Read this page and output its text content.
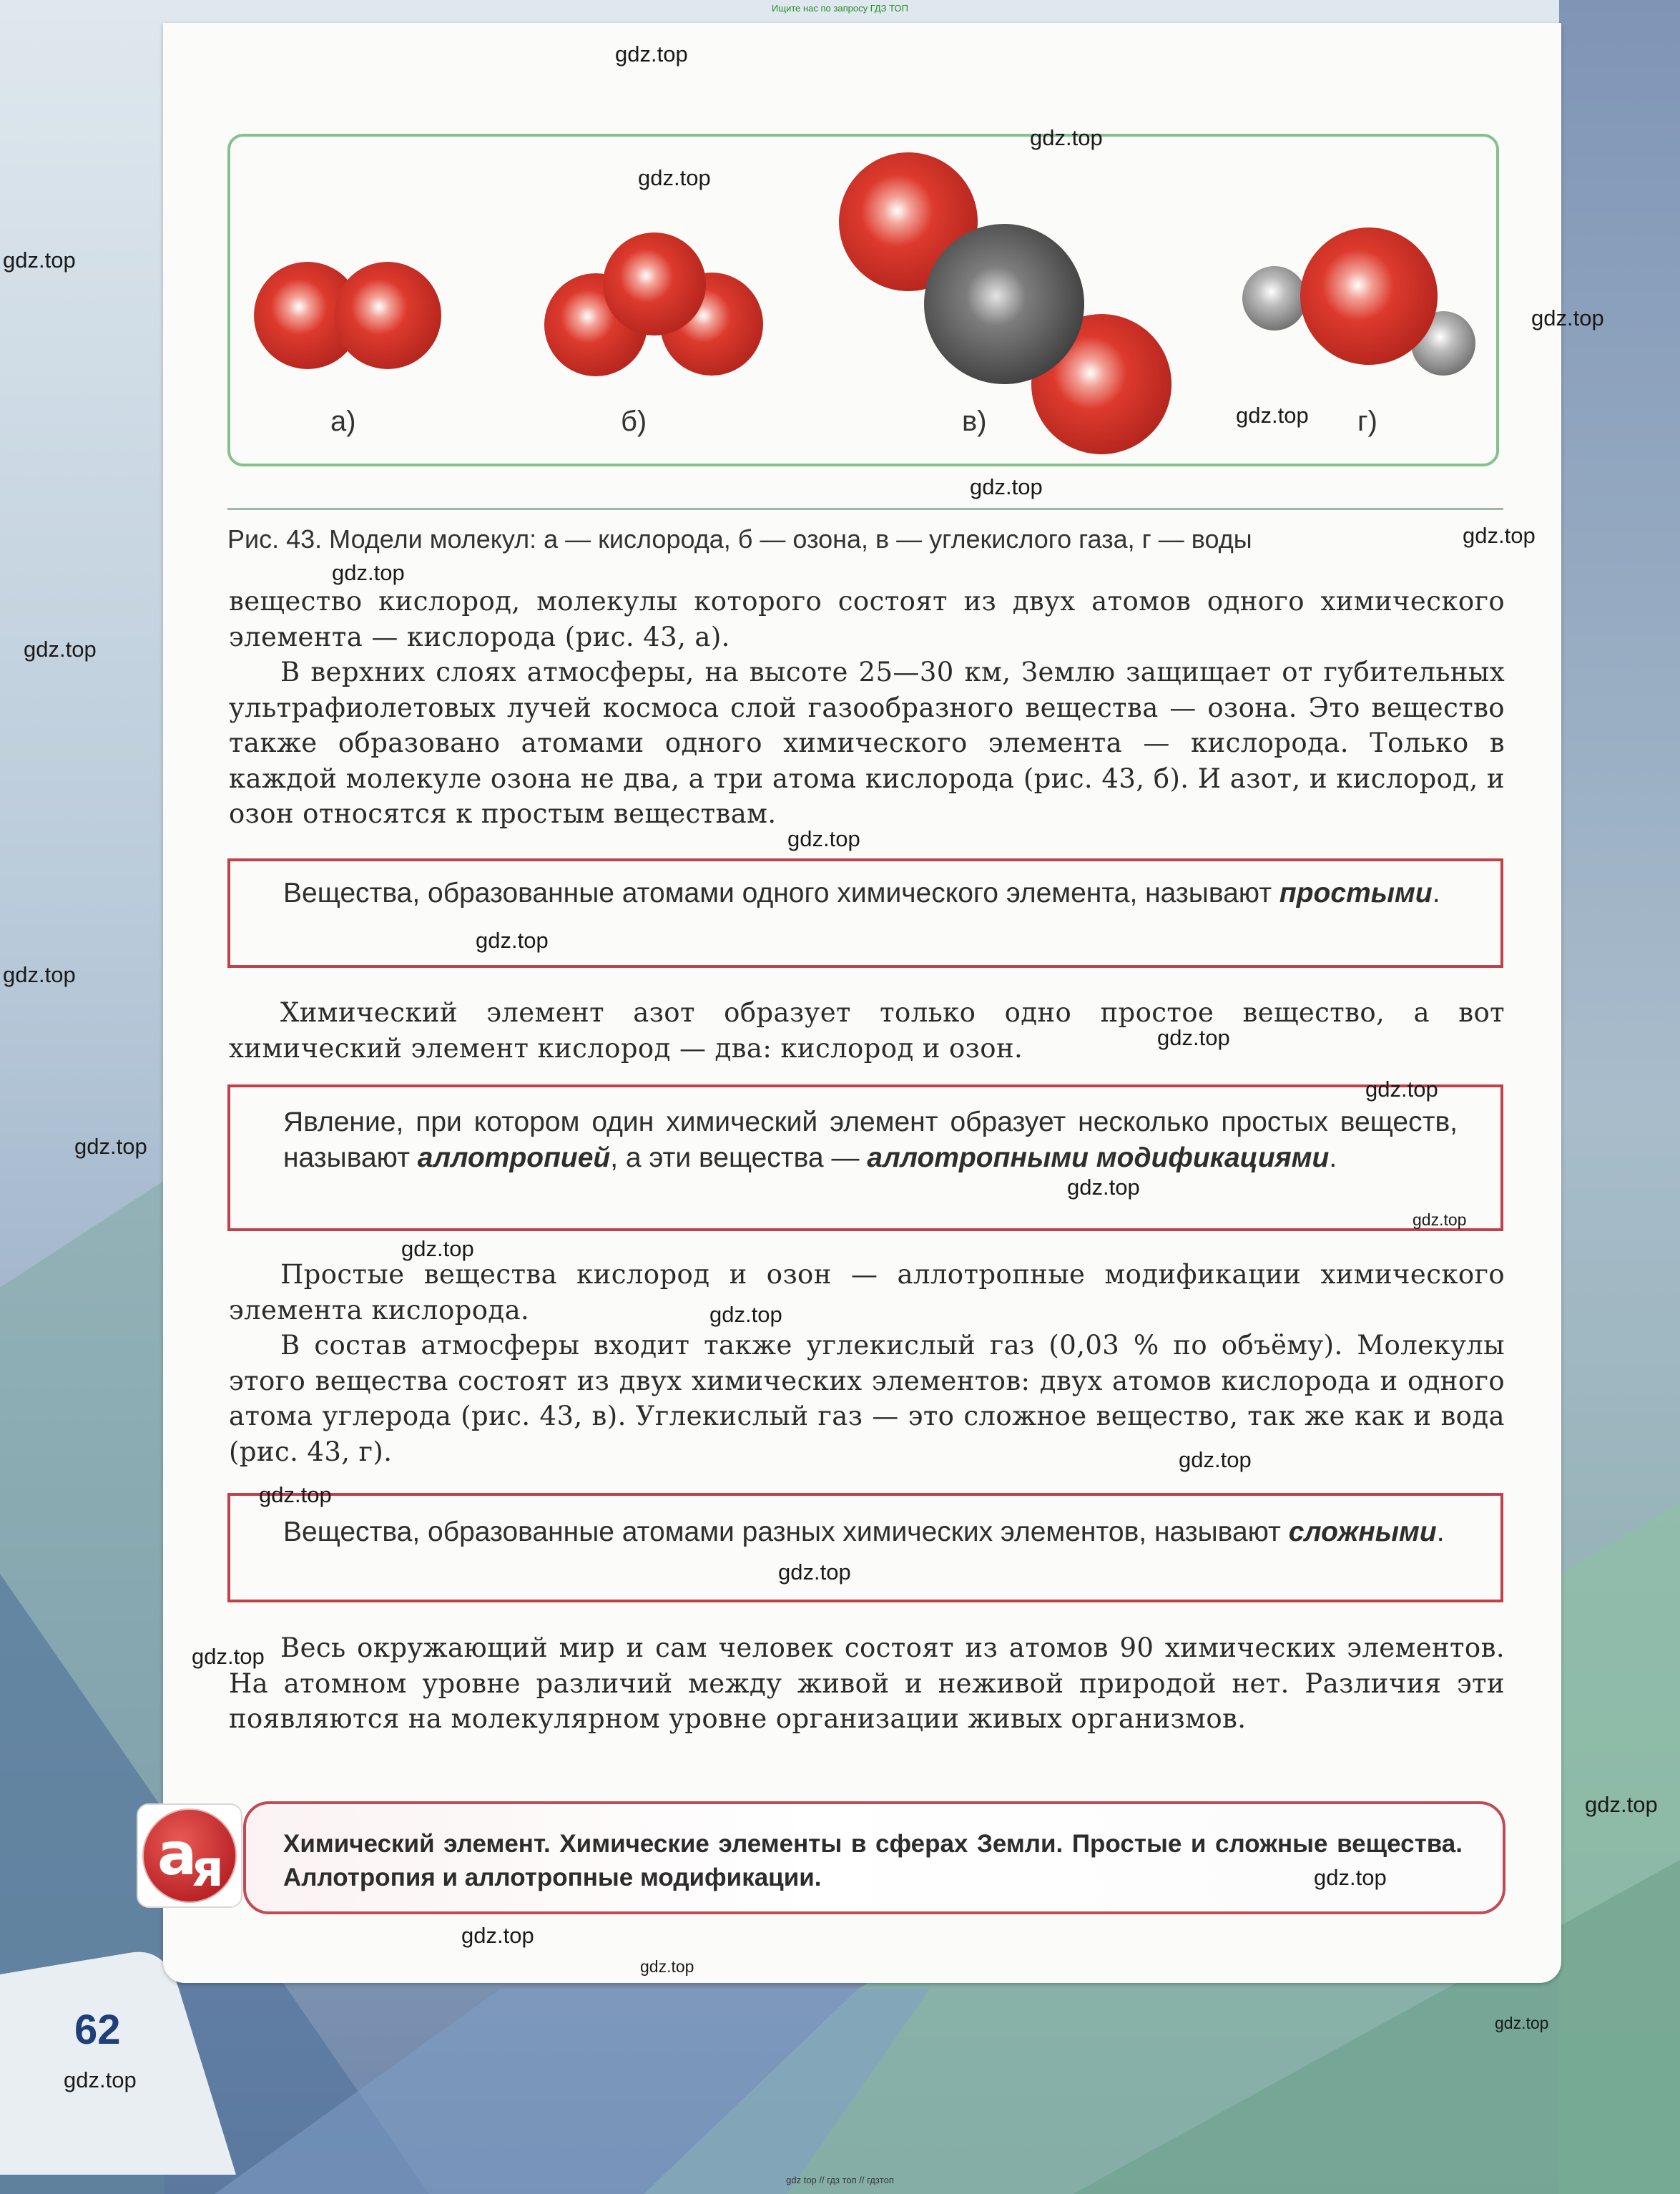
Ищите нас по запросу ГДЗ ТОП
а)	б)	в)	г)
Рис. 43. Модели молекул: а — кислорода, б — озона, в — углекислого газа, г — воды

вещество кислород, молекулы которого состоят из двух атомов одного химического элемента — кислорода (рис. 43, а).

В верхних слоях атмосферы, на высоте 25—30 км, Землю защищает от губительных ультрафиолетовых лучей космоса слой газообразного вещества — озона. Это вещество также образовано атомами одного химического элемента — кислорода. Только в каждой молекуле озона не два, а три атома кислорода (рис. 43, б). И азот, и кислород, и озон относятся к простым веществам.

Вещества, образованные атомами одного химического элемента, называют простыми.

Химический элемент азот образует только одно простое вещество, а вот химический элемент кислород — два: кислород и озон.

Явление, при котором один химический элемент образует несколько простых веществ, называют аллотропией, а эти вещества — аллотропными модификациями.

Простые вещества кислород и озон — аллотропные модификации химического элемента кислорода.

В состав атмосферы входит также углекислый газ (0,03 % по объёму). Молекулы этого вещества состоят из двух химических элементов: двух атомов кислорода и одного атома углерода (рис. 43, в). Углекислый газ — это сложное вещество, так же как и вода (рис. 43, г).

Вещества, образованные атомами разных химических элементов, называют сложными.

Весь окружающий мир и сам человек состоят из атомов 90 химических элементов. На атомном уровне различий между живой и неживой природой нет. Различия эти появляются на молекулярном уровне организации живых организмов.

а
я	Химический элемент. Химические элементы в сферах Земли. Простые и сложные вещества. Аллотропия и аллотропные модификации.
62
gdz.top
gdz.top
gdz.top
gdz.top
gdz.top
gdz.top
gdz.top
gdz.top
gdz.top
gdz.top
gdz.top
gdz.top
gdz.top
gdz.top
gdz.top
gdz.top
gdz.top
gdz.top
gdz.top
gdz.top
gdz.top
gdz.top
gdz.top
gdz.top
gdz.top
gdz.top
gdz.top
gdz.top
gdz.top
gdz.top
gdz top // гдз топ // гдзтоп
